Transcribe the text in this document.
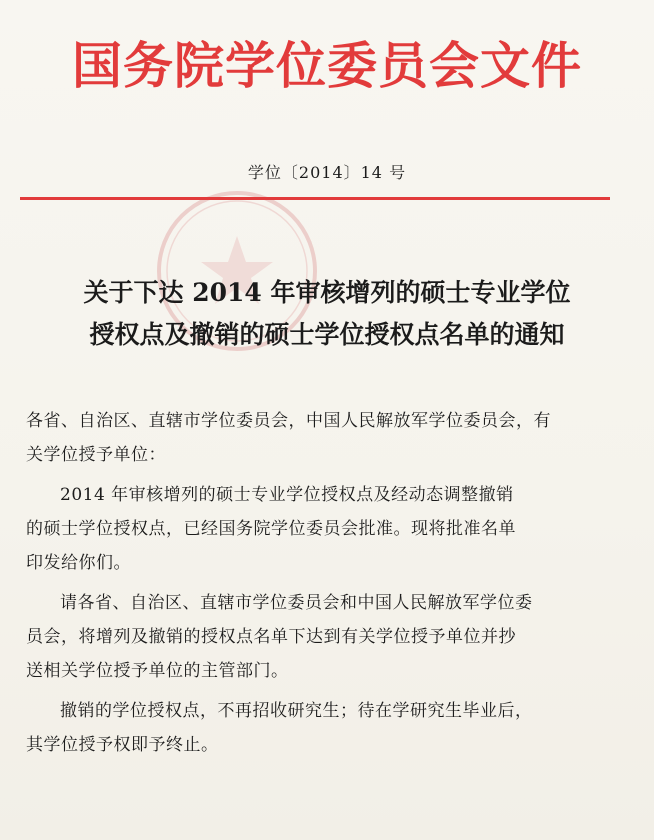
国务院学位委员会文件
学位〔2014〕14 号
关于下达 2014 年审核增列的硕士专业学位
授权点及撤销的硕士学位授权点名单的通知

各省、自治区、直辖市学位委员会，中国人民解放军学位委员会，有
关学位授予单位：

2014 年审核增列的硕士专业学位授权点及经动态调整撤销
的硕士学位授权点，已经国务院学位委员会批准。现将批准名单
印发给你们。

请各省、自治区、直辖市学位委员会和中国人民解放军学位委
员会，将增列及撤销的授权点名单下达到有关学位授予单位并抄
送相关学位授予单位的主管部门。

撤销的学位授权点，不再招收研究生；待在学研究生毕业后，
其学位授予权即予终止。
